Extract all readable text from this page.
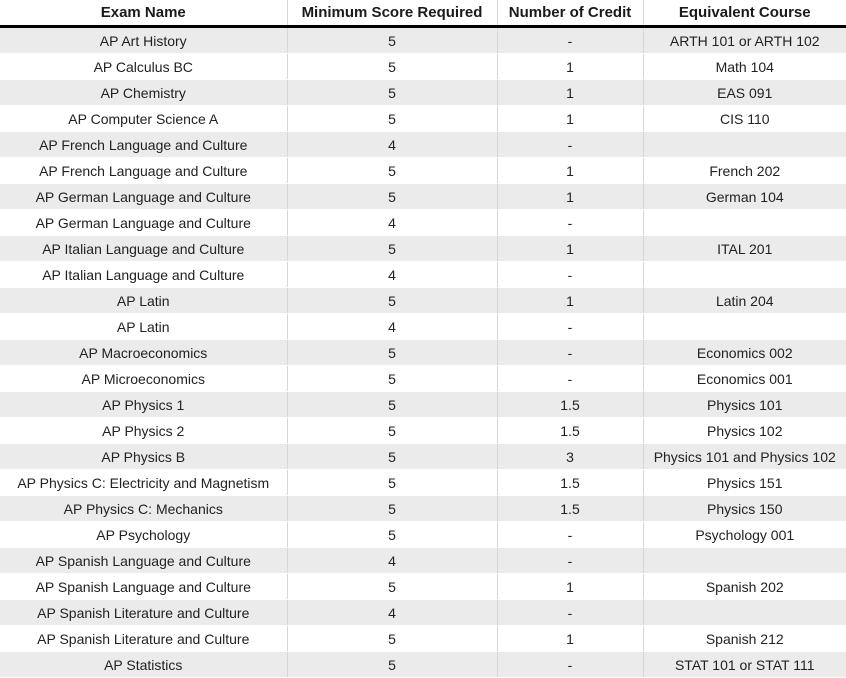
Exam Name	Minimum Score Required	Number of Credit	Equivalent Course
AP Art History	5	-	ARTH 101 or ARTH 102
AP Calculus BC	5	1	Math 104
AP Chemistry	5	1	EAS 091
AP Computer Science A	5	1	CIS 110
AP French Language and Culture	4	-	
AP French Language and Culture	5	1	French 202
AP German Language and Culture	5	1	German 104
AP German Language and Culture	4	-	
AP Italian Language and Culture	5	1	ITAL 201
AP Italian Language and Culture	4	-	
AP Latin	5	1	Latin 204
AP Latin	4	-	
AP Macroeconomics	5	-	Economics 002
AP Microeconomics	5	-	Economics 001
AP Physics 1	5	1.5	Physics 101
AP Physics 2	5	1.5	Physics 102
AP Physics B	5	3	Physics 101 and Physics 102
AP Physics C: Electricity and Magnetism	5	1.5	Physics 151
AP Physics C: Mechanics	5	1.5	Physics 150
AP Psychology	5	-	Psychology 001
AP Spanish Language and Culture	4	-	
AP Spanish Language and Culture	5	1	Spanish 202
AP Spanish Literature and Culture	4	-	
AP Spanish Literature and Culture	5	1	Spanish 212
AP Statistics	5	-	STAT 101 or STAT 111
